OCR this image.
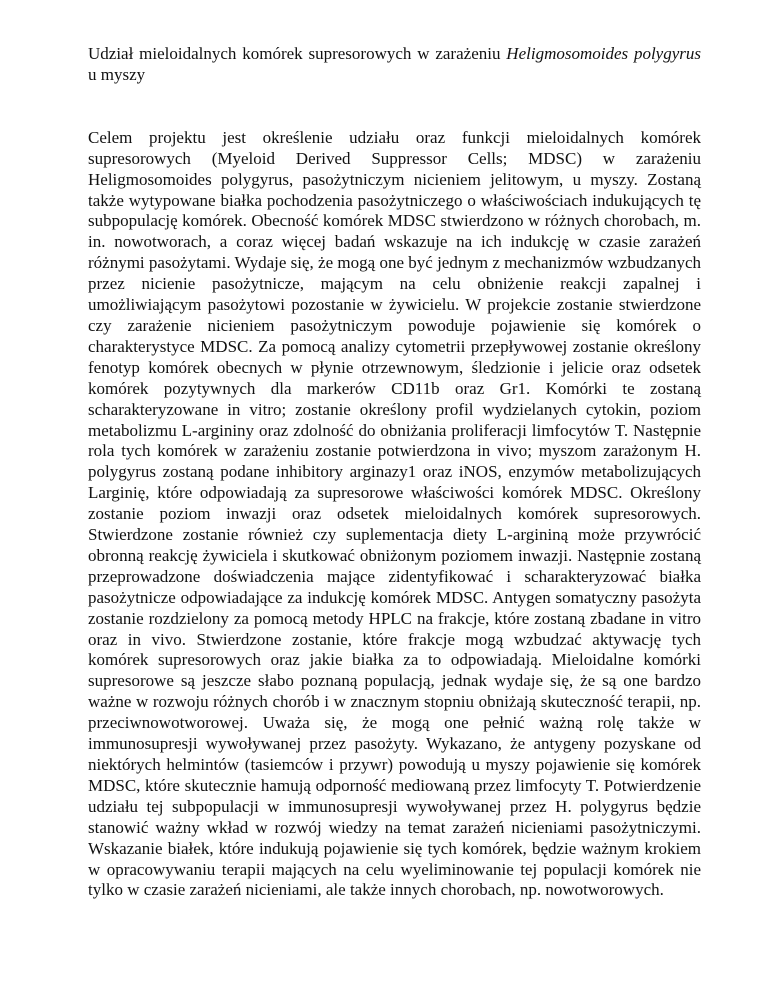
Udział mieloidalnych komórek supresorowych w zarażeniu Heligmosomoides polygyrus u myszy

Celem projektu jest określenie udziału oraz funkcji mieloidalnych komórek supresorowych (Myeloid Derived Suppressor Cells; MDSC) w zarażeniu Heligmosomoides polygyrus, pasożytniczym nicieniem jelitowym, u myszy. Zostaną także wytypowane białka pochodzenia pasożytniczego o właściwościach indukujących tę subpopulację komórek. Obecność komórek MDSC stwierdzono w różnych chorobach, m. in. nowotworach, a coraz więcej badań wskazuje na ich indukcję w czasie zarażeń różnymi pasożytami. Wydaje się, że mogą one być jednym z mechanizmów wzbudzanych przez nicienie pasożytnicze, mającym na celu obniżenie reakcji zapalnej i umożliwiającym pasożytowi pozostanie w żywicielu. W projekcie zostanie stwierdzone czy zarażenie nicieniem pasożytniczym powoduje pojawienie się komórek o charakterystyce MDSC. Za pomocą analizy cytometrii przepływowej zostanie określony fenotyp komórek obecnych w płynie otrzewnowym, śledzionie i jelicie oraz odsetek komórek pozytywnych dla markerów CD11b oraz Gr1. Komórki te zostaną scharakteryzowane in vitro; zostanie określony profil wydzielanych cytokin, poziom metabolizmu L-argininy oraz zdolność do obniżania proliferacji limfocytów T. Następnie rola tych komórek w zarażeniu zostanie potwierdzona in vivo; myszom zarażonym H. polygyrus zostaną podane inhibitory arginazy1 oraz iNOS, enzymów metabolizujących Larginię, które odpowiadają za supresorowe właściwości komórek MDSC. Określony zostanie poziom inwazji oraz odsetek mieloidalnych komórek supresorowych. Stwierdzone zostanie również czy suplementacja diety L-argininą może przywrócić obronną reakcję żywiciela i skutkować obniżonym poziomem inwazji. Następnie zostaną przeprowadzone doświadczenia mające zidentyfikować i scharakteryzować białka pasożytnicze odpowiadające za indukcję komórek MDSC. Antygen somatyczny pasożyta zostanie rozdzielony za pomocą metody HPLC na frakcje, które zostaną zbadane in vitro oraz in vivo. Stwierdzone zostanie, które frakcje mogą wzbudzać aktywację tych komórek supresorowych oraz jakie białka za to odpowiadają. Mieloidalne komórki supresorowe są jeszcze słabo poznaną populacją, jednak wydaje się, że są one bardzo ważne w rozwoju różnych chorób i w znacznym stopniu obniżają skuteczność terapii, np. przeciwnowotworowej. Uważa się, że mogą one pełnić ważną rolę także w immunosupresji wywoływanej przez pasożyty. Wykazano, że antygeny pozyskane od niektórych helmintów (tasiemców i przywr) powodują u myszy pojawienie się komórek MDSC, które skutecznie hamują odporność mediowaną przez limfocyty T. Potwierdzenie udziału tej subpopulacji w immunosupresji wywoływanej przez H. polygyrus będzie stanowić ważny wkład w rozwój wiedzy na temat zarażeń nicieniami pasożytniczymi. Wskazanie białek, które indukują pojawienie się tych komórek, będzie ważnym krokiem w opracowywaniu terapii mających na celu wyeliminowanie tej populacji komórek nie tylko w czasie zarażeń nicieniami, ale także innych chorobach, np. nowotworowych.
